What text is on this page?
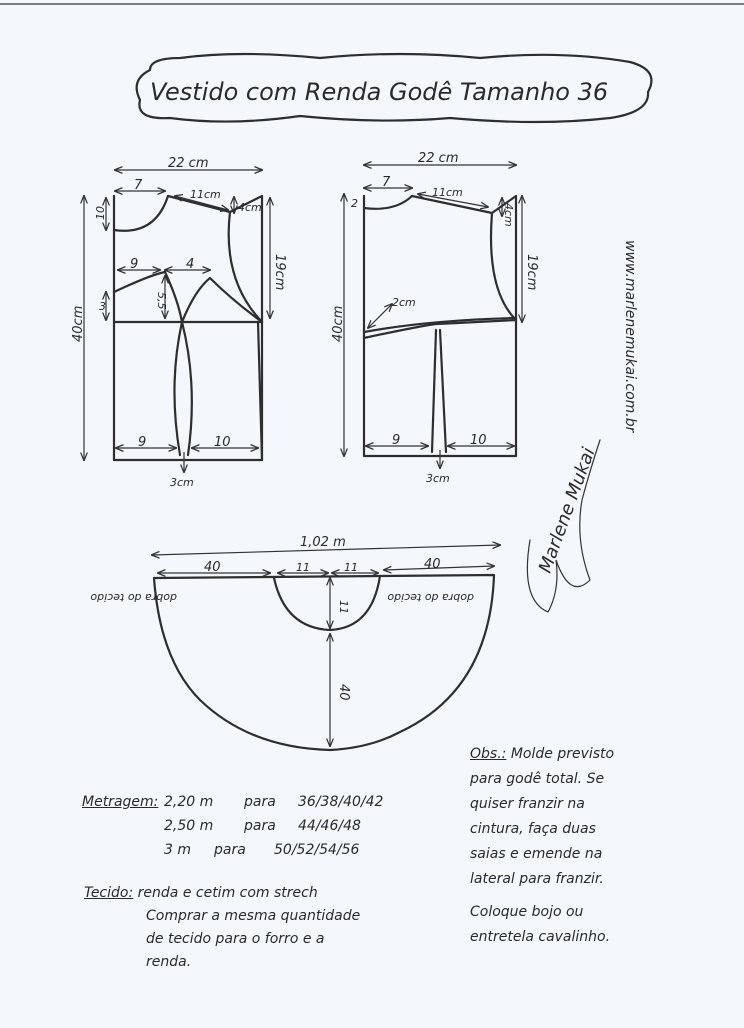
Vestido com Renda Godê Tamanho 36
22 cm
7
11cm
4cm
10
19cm
40cm
9	4
5,5
3
9	10
3cm
22 cm
7
11cm
4cm
2
19cm
40cm
2cm
9	10
3cm
www.marlenemukai.com.br
Marlene Mukai
1,02 m
40	11	11	40
11
40
dobra do tecido	dobra do tecido
Obs.: Molde previsto
para godê total. Se
quiser franzir na
cintura, faça duas
saias e emende na
lateral para franzir.
Coloque bojo ou
entretela cavalinho.
Metragem: 2,20 m para 36/38/40/42
2,50 m para 44/46/48
3 m para 50/52/54/56
Tecido: renda e cetim com strech
Comprar a mesma quantidade
de tecido para o forro e a
renda.
